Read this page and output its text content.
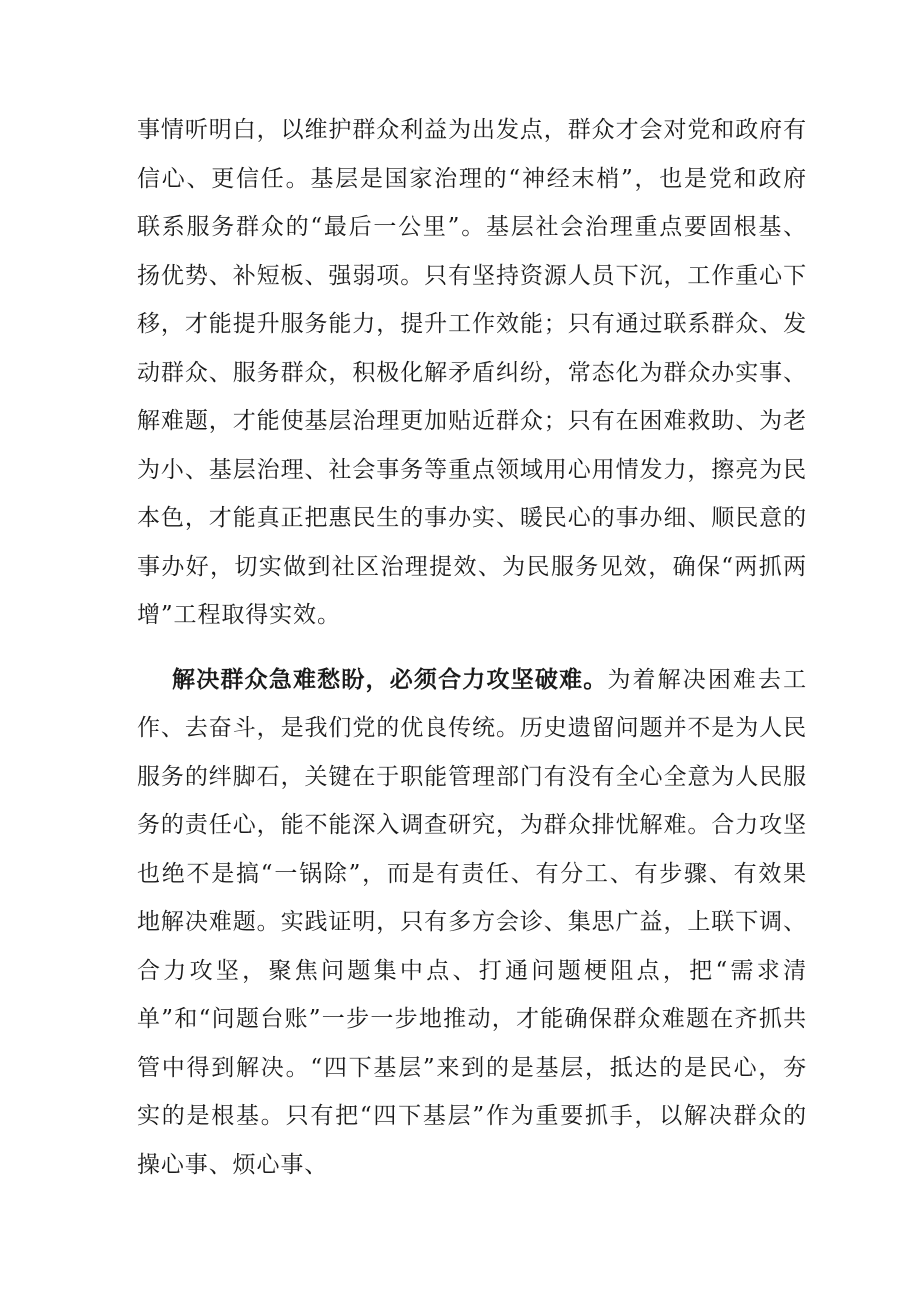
事情听明白，以维护群众利益为出发点，群众才会对党和政府有信心、更信任。基层是国家治理的“神经末梢”，也是党和政府联系服务群众的“最后一公里”。基层社会治理重点要固根基、扬优势、补短板、强弱项。只有坚持资源人员下沉，工作重心下移，才能提升服务能力，提升工作效能；只有通过联系群众、发动群众、服务群众，积极化解矛盾纠纷，常态化为群众办实事、解难题，才能使基层治理更加贴近群众；只有在困难救助、为老为小、基层治理、社会事务等重点领域用心用情发力，擦亮为民本色，才能真正把惠民生的事办实、暖民心的事办细、顺民意的事办好，切实做到社区治理提效、为民服务见效，确保“两抓两增”工程取得实效。

解决群众急难愁盼，必须合力攻坚破难。为着解决困难去工作、去奋斗，是我们党的优良传统。历史遗留问题并不是为人民服务的绊脚石，关键在于职能管理部门有没有全心全意为人民服务的责任心，能不能深入调查研究，为群众排忧解难。合力攻坚也绝不是搞“一锅除”，而是有责任、有分工、有步骤、有效果地解决难题。实践证明，只有多方会诊、集思广益，上联下调、合力攻坚，聚焦问题集中点、打通问题梗阻点，把“需求清单”和“问题台账”一步一步地推动，才能确保群众难题在齐抓共管中得到解决。“四下基层”来到的是基层，抵达的是民心，夯实的是根基。只有把“四下基层”作为重要抓手，以解决群众的操心事、烦心事、
